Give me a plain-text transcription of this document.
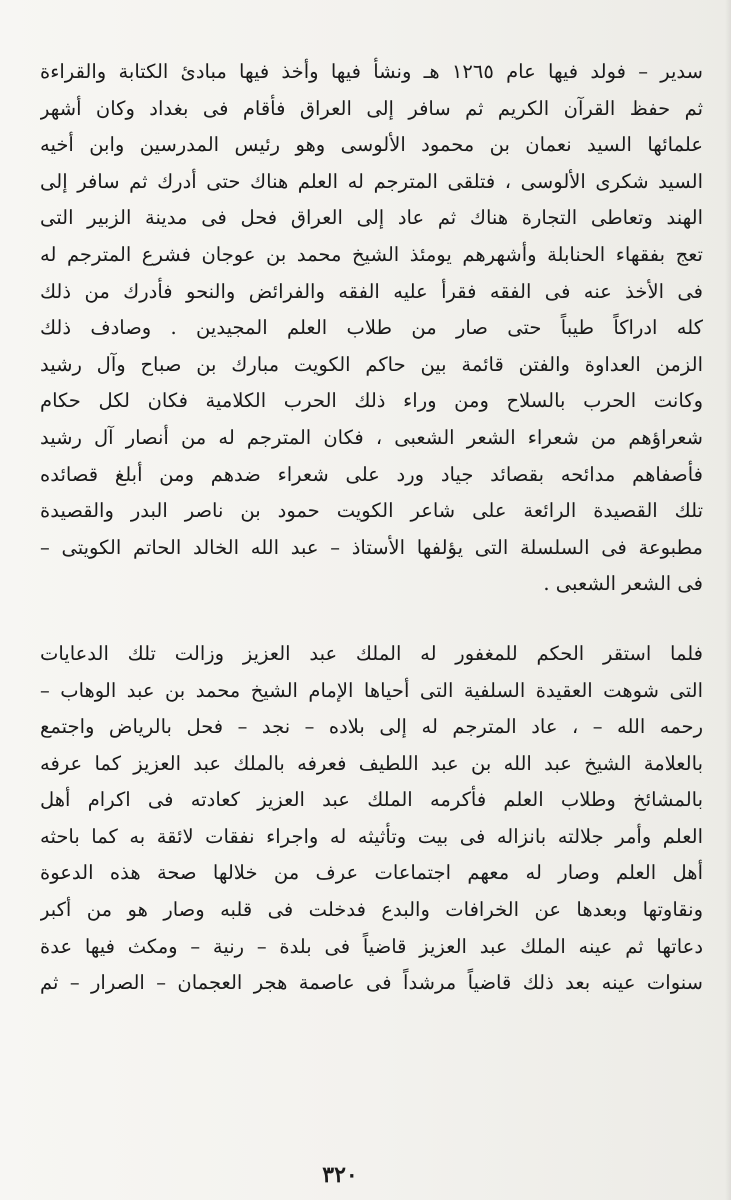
سدير – فولد فيها عام ١٢٦٥ هـ ونشأ فيها وأخذ فيها مبادئ الكتابة والقراءة
ثم حفظ القرآن الكريم ثم سافر إلى العراق فأقام فى بغداد وكان أشهر
علمائها السيد نعمان بن محمود الألوسى وهو رئيس المدرسين وابن أخيه
السيد شكرى الألوسى ، فتلقى المترجم له العلم هناك حتى أدرك ثم سافر إلى
الهند وتعاطى التجارة هناك ثم عاد إلى العراق فحل فى مدينة الزبير التى
تعج بفقهاء الحنابلة وأشهرهم يومئذ الشيخ محمد بن عوجان فشرع المترجم له
فى الأخذ عنه فى الفقه فقرأ عليه الفقه والفرائض والنحو فأدرك من ذلك
كله ادراكاً طيباً حتى صار من طلاب العلم المجيدين . وصادف ذلك
الزمن العداوة والفتن قائمة بين حاكم الكويت مبارك بن صباح وآل رشيد
وكانت الحرب بالسلاح ومن وراء ذلك الحرب الكلامية فكان لكل حكام
شعراؤهم من شعراء الشعر الشعبى ، فكان المترجم له من أنصار آل رشيد
فأصفاهم مدائحه بقصائد جياد ورد على شعراء ضدهم ومن أبلغ قصائده
تلك القصيدة الرائعة على شاعر الكويت حمود بن ناصر البدر والقصيدة
مطبوعة فى السلسلة التى يؤلفها الأستاذ – عبد الله الخالد الحاتم الكويتى –
فى الشعر الشعبى .
فلما استقر الحكم للمغفور له الملك عبد العزيز وزالت تلك الدعايات
التى شوهت العقيدة السلفية التى أحياها الإمام الشيخ محمد بن عبد الوهاب –
رحمه الله – ، عاد المترجم له إلى بلاده – نجد – فحل بالرياض واجتمع
بالعلامة الشيخ عبد الله بن عبد اللطيف فعرفه بالملك عبد العزيز كما عرفه
بالمشائخ وطلاب العلم فأكرمه الملك عبد العزيز كعادته فى اكرام أهل
العلم وأمر جلالته بانزاله فى بيت وتأثيثه له واجراء نفقات لائقة به كما باحثه
أهل العلم وصار له معهم اجتماعات عرف من خلالها صحة هذه الدعوة
ونقاوتها وبعدها عن الخرافات والبدع فدخلت فى قلبه وصار هو من أكبر
دعاتها ثم عينه الملك عبد العزيز قاضياً فى بلدة – رنية – ومكث فيها عدة
سنوات عينه بعد ذلك قاضياً مرشداً فى عاصمة هجر العجمان – الصرار – ثم
٣٢٠
